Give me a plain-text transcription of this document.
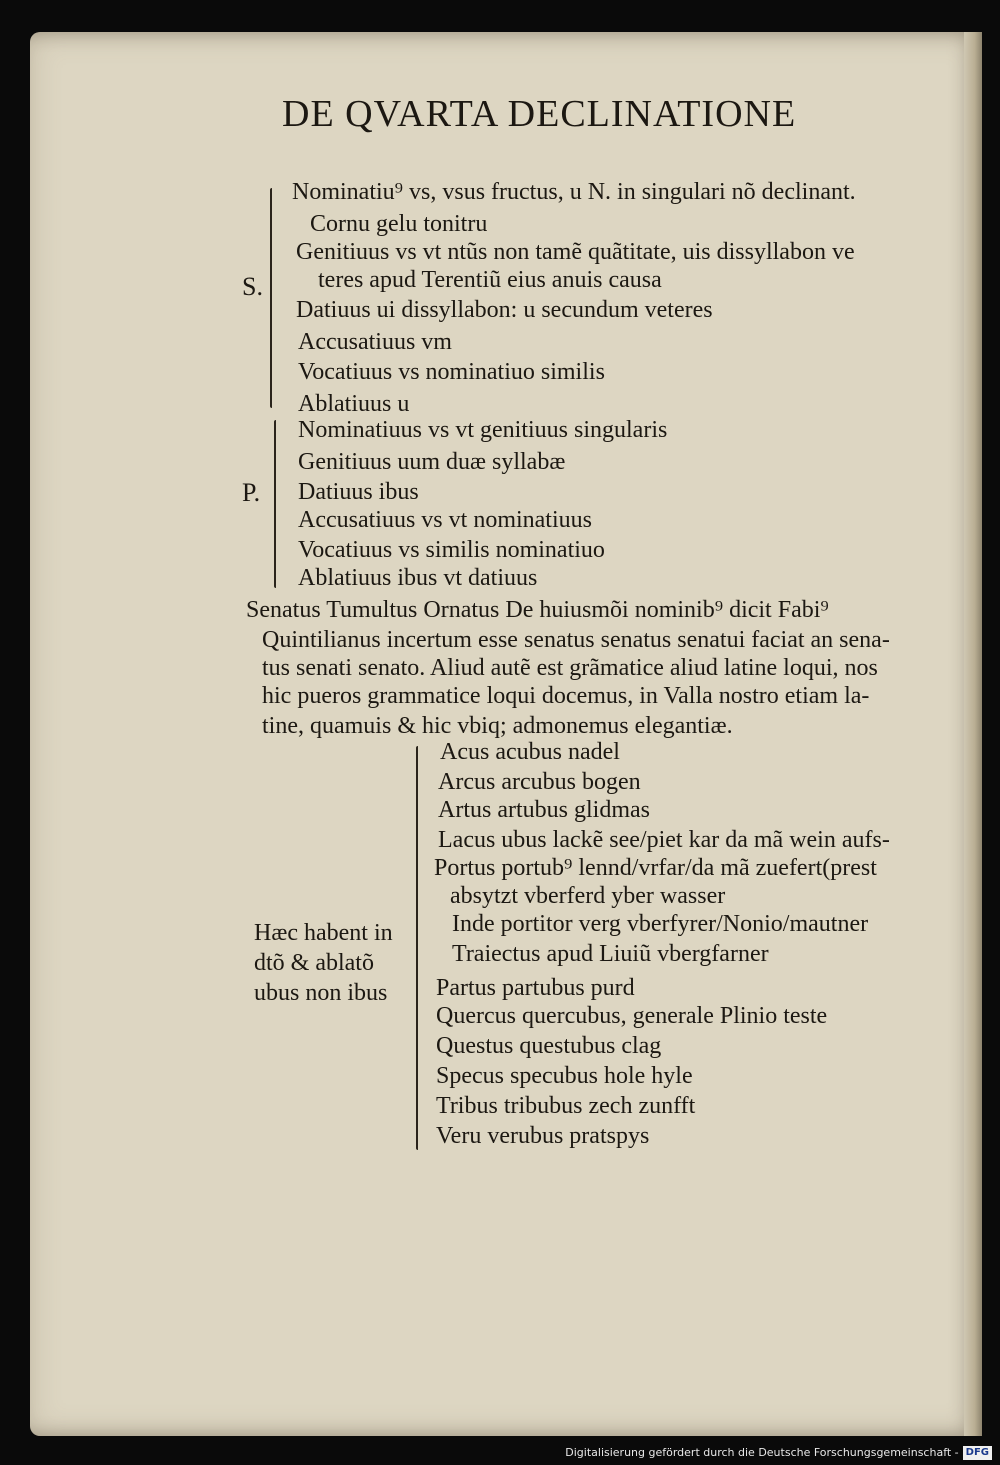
DE QVARTA DECLINATIONE
S.
Nominatiu⁹ vs, vsus fructus, u N. in singulari nõ declinant.
Cornu gelu tonitru
Genitiuus vs vt ntũs non tamẽ quãtitate, uis dissyllabon ve
teres apud Terentiũ eius anuis causa
Datiuus ui dissyllabon: u secundum veteres
Accusatiuus vm
Vocatiuus vs nominatiuo similis
Ablatiuus u
P.
Nominatiuus vs vt genitiuus singularis
Genitiuus uum duæ syllabæ
Datiuus ibus
Accusatiuus vs vt nominatiuus
Vocatiuus vs similis nominatiuo
Ablatiuus ibus vt datiuus
Senatus Tumultus Ornatus De huiusmõi nominib⁹ dicit Fabi⁹
Quintilianus incertum esse senatus senatus senatui faciat an sena-
tus senati senato. Aliud autẽ est grãmatice aliud latine loqui, nos
hic pueros grammatice loqui docemus, in Valla nostro etiam la-
tine, quamuis & hic vbiq; admonemus elegantiæ.
Hæc habent in
dtõ & ablatõ
ubus non ibus
Acus acubus nadel
Arcus arcubus bogen
Artus artubus glidmas
Lacus ubus lackẽ see/piet kar da mã wein aufs-
Portus portub⁹ lennd/vrfar/da mã zuefert(prest
absytzt vberferd yber wasser
Inde portitor verg vberfyrer/Nonio/mautner
Traiectus apud Liuiũ vbergfarner
Partus partubus purd
Quercus quercubus, generale Plinio teste
Questus questubus clag
Specus specubus hole hyle
Tribus tribubus zech zunfft
Veru verubus pratspys
Digitalisierung gefördert durch die Deutsche Forschungsgemeinschaft - DFG
